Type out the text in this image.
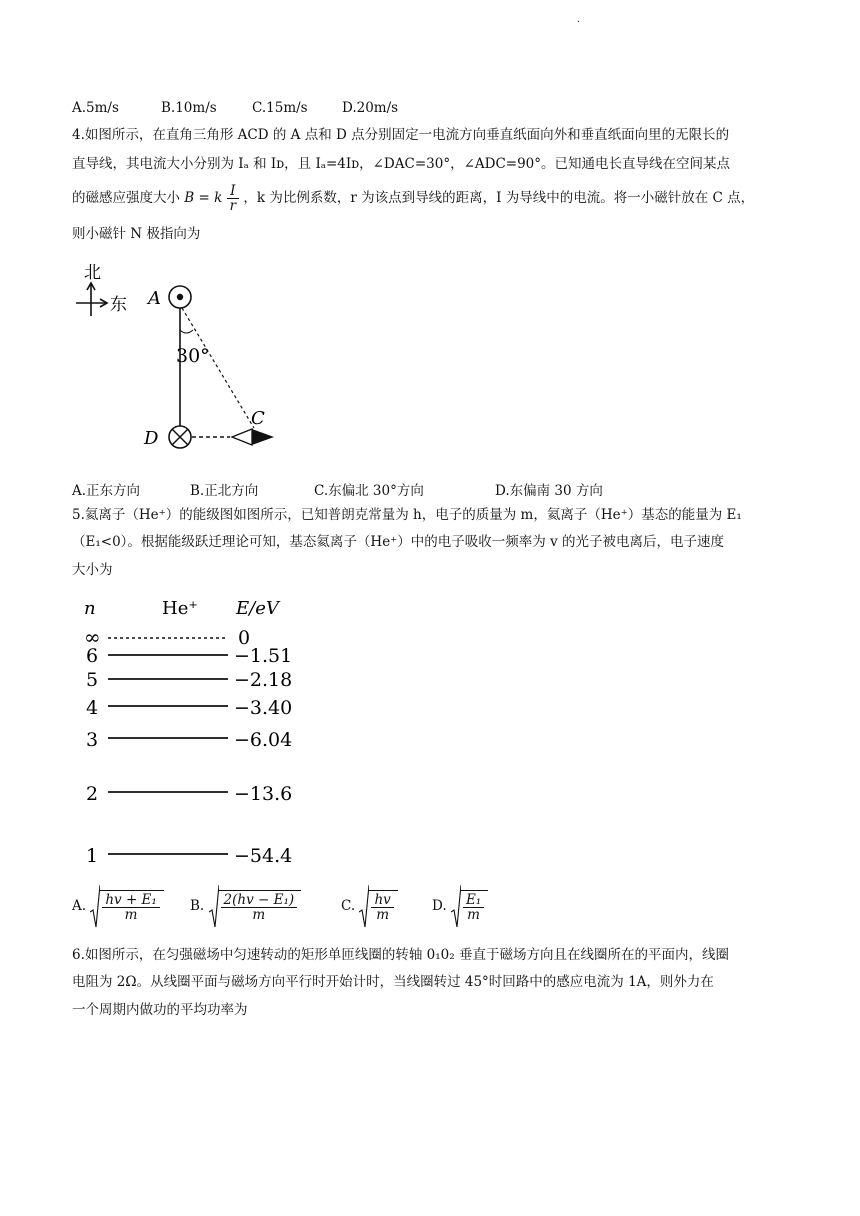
.
A.5m/s	B.10m/s	C.15m/s	D.20m/s
4.如图所示，在直角三角形 ACD 的 A 点和 D 点分别固定一电流方向垂直纸面向外和垂直纸面向里的无限长的
直导线，其电流大小分别为 Iₐ 和 Iᴅ，且 Iₐ=4Iᴅ，∠DAC=30°，∠ADC=90°。已知通电长直导线在空间某点
的磁感应强度大小 B = k $\frac{I}{r}$ ，k 为比例系数，r 为该点到导线的距离，I 为导线中的电流。将一小磁针放在 C 点，
则小磁针 N 极指向为
北
东 A
30°
D
C
A.正东方向	B.正北方向	C.东偏北 30°方向	D.东偏南 30 方向
5.氦离子（He⁺）的能级图如图所示，已知普朗克常量为 h，电子的质量为 m，氦离子（He⁺）基态的能量为 E₁
（E₁<0）。根据能级跃迁理论可知，基态氦离子（He⁺）中的电子吸收一频率为 v 的光子被电离后，电子速度
大小为
n	He⁺ E/eV
∞	0
6	−1.51
5	−2.18
4	−3.40
3	−6.04
2	−13.6
1	−54.4
A. $\frac{\text{hv + E₁}}{m} B$. $\frac{\text{2(hv − E₁)}}{m}$	C. $\frac{hv}{m}$	D. $\frac{\text{E₁}}{m}$
6.如图所示，在匀强磁场中匀速转动的矩形单匝线圈的转轴 0₁0₂ 垂直于磁场方向且在线圈所在的平面内，线圈
电阻为 2Ω。从线圈平面与磁场方向平行时开始计时，当线圈转过 45°时回路中的感应电流为 1A，则外力在
一个周期内做功的平均功率为
